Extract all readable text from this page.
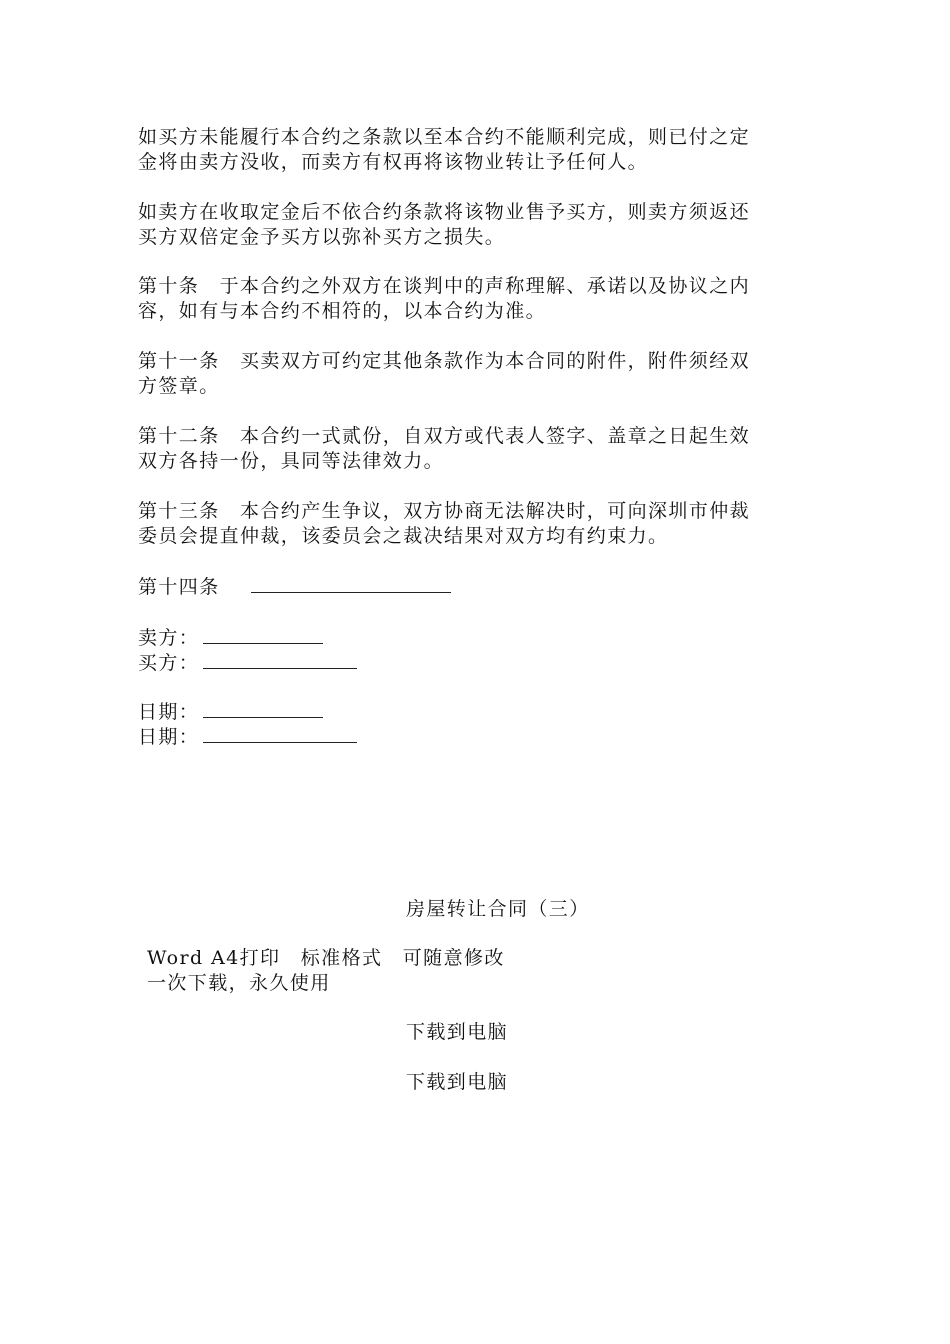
如买方未能履行本合约之条款以至本合约不能顺利完成，则已付之定
金将由卖方没收，而卖方有权再将该物业转让予任何人。

如卖方在收取定金后不依合约条款将该物业售予买方，则卖方须返还
买方双倍定金予买方以弥补买方之损失。

第十条　于本合约之外双方在谈判中的声称理解、承诺以及协议之内
容，如有与本合约不相符的，以本合约为准。

第十一条　买卖双方可约定其他条款作为本合同的附件，附件须经双
方签章。

第十二条　本合约一式贰份，自双方或代表人签字、盖章之日起生效
双方各持一份，具同等法律效力。

第十三条　本合约产生争议，双方协商无法解决时，可向深圳市仲裁
委员会提直仲裁，该委员会之裁决结果对双方均有约束力。

第十四条
卖方：
买方：
日期：
日期：
房屋转让合同（三）
Word A4打印　标准格式　可随意修改
一次下载，永久使用
下载到电脑
下载到电脑
